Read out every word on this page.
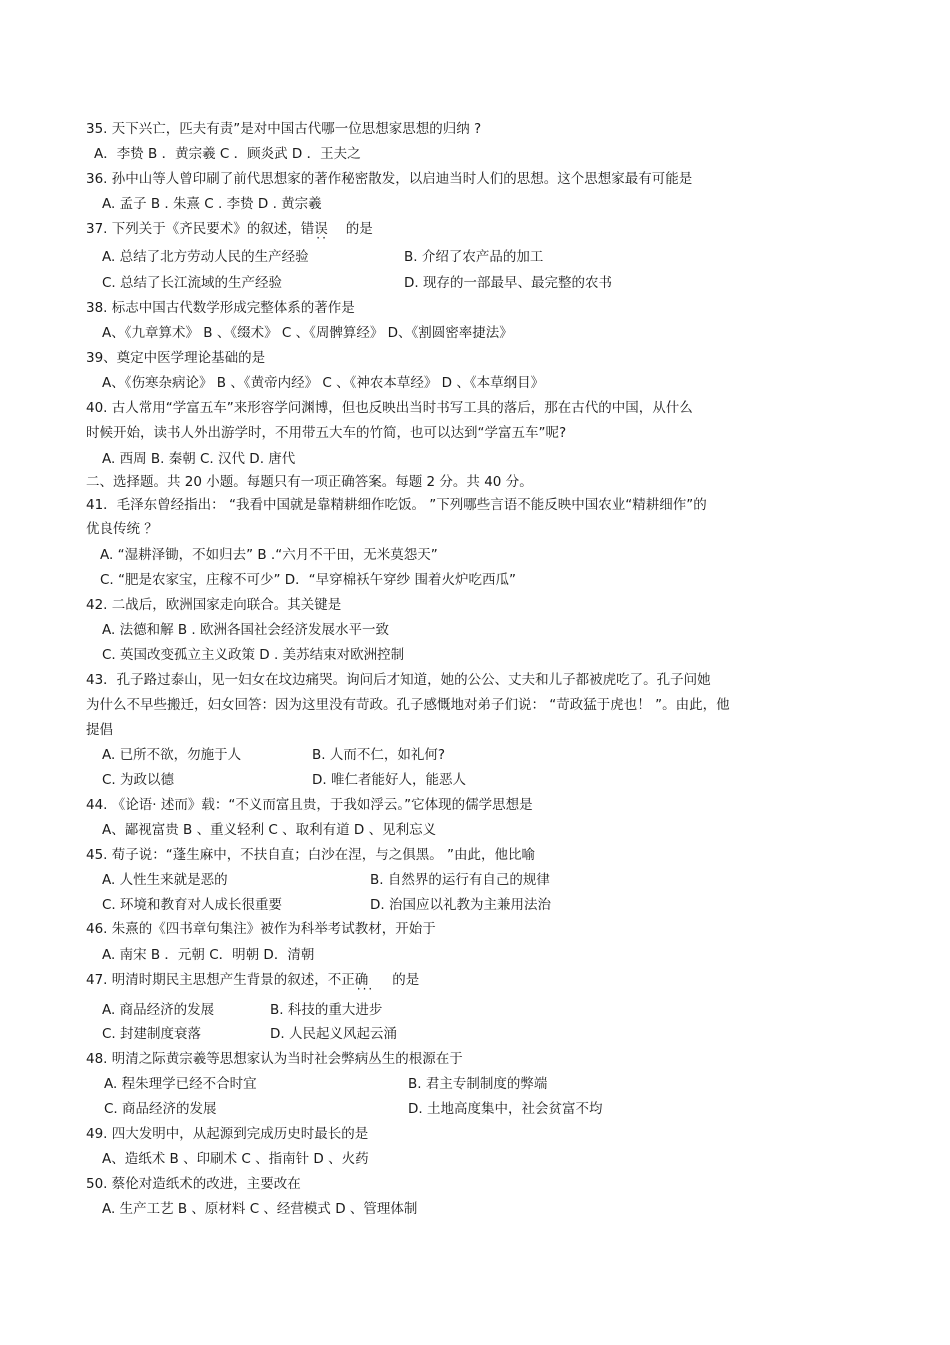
35. 天下兴亡，匹夫有责”是对中国古代哪一位思想家思想的归纳 ?
A．李贽 B ．黄宗羲 C ．顾炎武 D ．王夫之
36. 孙中山等人曾印刷了前代思想家的著作秘密散发，以启迪当时人们的思想。这个思想家最有可能是
A. 孟子 B . 朱熹 C . 李贽 D . 黄宗羲
37. 下列关于《齐民要术》的叙述，错误 ·· 的是
A. 总结了北方劳动人民的生产经验	B. 介绍了农产品的加工
C. 总结了长江流域的生产经验	D. 现存的一部最早、最完整的农书
38. 标志中国古代数学形成完整体系的著作是
A、《九章算术》 B 、《缀术》 C 、《周髀算经》 D、《割圆密率捷法》
39、奠定中医学理论基础的是
A、《伤寒杂病论》 B 、《黄帝内经》 C 、《神农本草经》 D 、《本草纲目》
40. 古人常用“学富五车”来形容学问渊博，但也反映出当时书写工具的落后，那在古代的中国，从什么
时候开始，读书人外出游学时，不用带五大车的竹简，也可以达到“学富五车”呢?
A. 西周 B. 秦朝 C. 汉代 D. 唐代
二、选择题。共 20 小题。每题只有一项正确答案。每题 2 分。共 40 分。
41．毛泽东曾经指出： “我看中国就是靠精耕细作吃饭。 ”下列哪些言语不能反映中国农业“精耕细作”的
优良传统 ？
A. “湿耕泽锄，不如归去” B .“六月不干田，无米莫怨天”
C. “肥是农家宝，庄稼不可少” D．“早穿棉袄午穿纱 围着火炉吃西瓜”
42. 二战后，欧洲国家走向联合。其关键是
A. 法德和解 B . 欧洲各国社会经济发展水平一致
C. 英国改变孤立主义政策 D . 美苏结束对欧洲控制
43．孔子路过泰山，见一妇女在坟边痛哭。询问后才知道，她的公公、丈夫和儿子都被虎吃了。孔子问她
为什么不早些搬迁，妇女回答：因为这里没有苛政。孔子感慨地对弟子们说： “苛政猛于虎也！ ”。由此，他
提倡
A. 已所不欲，勿施于人	B. 人而不仁，如礼何?
C. 为政以德	D. 唯仁者能好人，能恶人
44. 《论语· 述而》载：“不义而富且贵，于我如浮云。”它体现的儒学思想是
A、鄙视富贵 B 、重义轻利 C 、取利有道 D 、见利忘义
45. 荀子说：“蓬生麻中，不扶自直；白沙在涅，与之俱黑。 ”由此，他比喻
A. 人性生来就是恶的	B. 自然界的运行有自己的规律
C. 环境和教育对人成长很重要	D. 治国应以礼教为主兼用法治
46. 朱熹的《四书章句集注》被作为科举考试教材，开始于
A. 南宋 B ．元朝 C．明朝 D．清朝
47. 明清时期民主思想产生背景的叙述，不正确 ··· 的是
A. 商品经济的发展	B. 科技的重大进步
C. 封建制度衰落	D. 人民起义风起云涌
48. 明清之际黄宗羲等思想家认为当时社会弊病丛生的根源在于
A. 程朱理学已经不合时宜	B. 君主专制制度的弊端
C. 商品经济的发展	D. 土地高度集中，社会贫富不均
49. 四大发明中，从起源到完成历史时最长的是
A、造纸术 B 、印刷术 C 、指南针 D 、火药
50. 蔡伦对造纸术的改进，主要改在
A. 生产工艺 B 、原材料 C 、经营模式 D 、管理体制
